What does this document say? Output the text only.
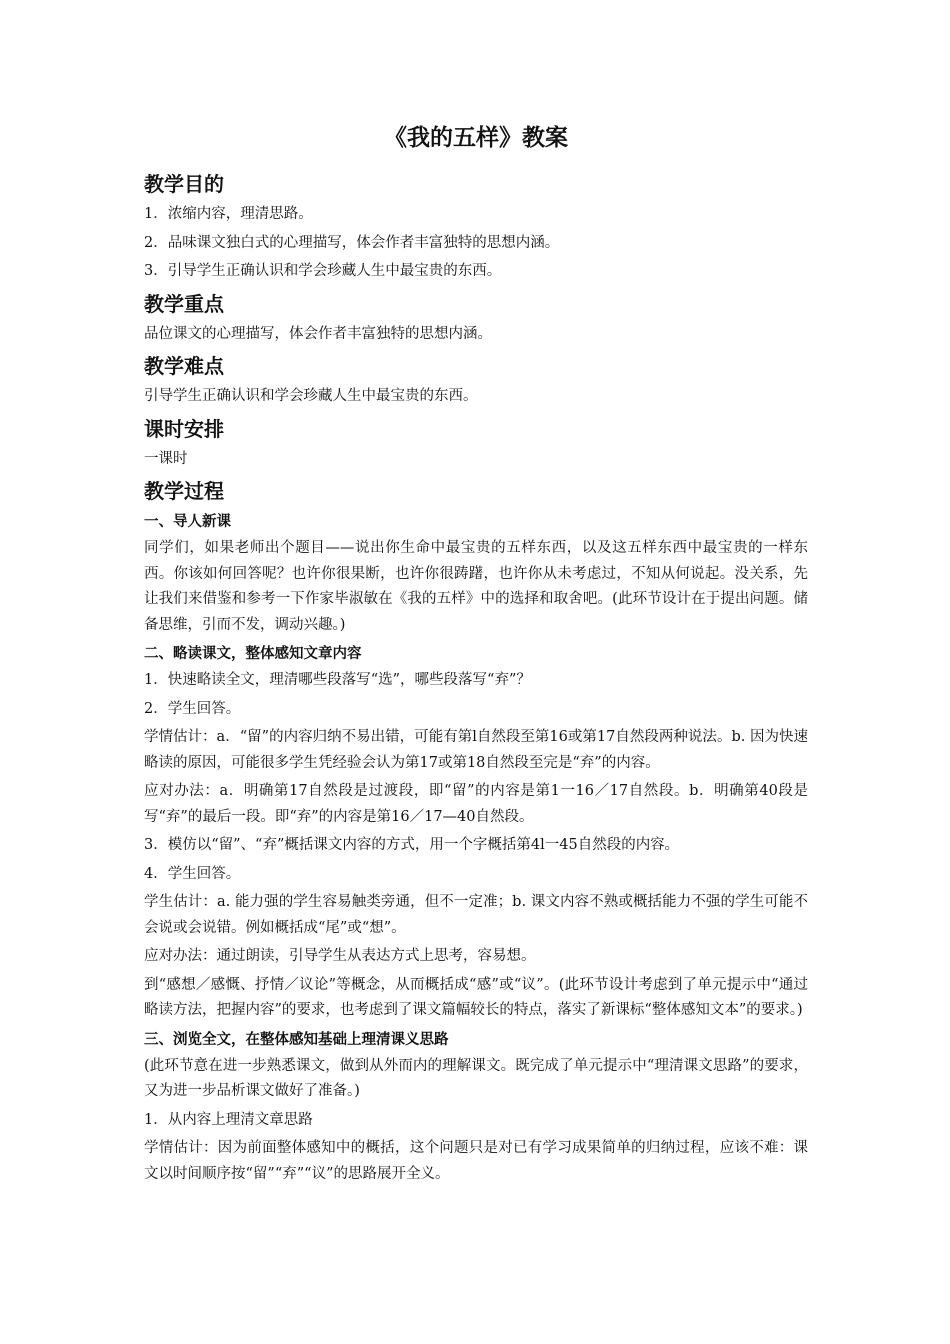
《我的五样》教案
教学目的
1．浓缩内容，理清思路。
2．品味课文独白式的心理描写，体会作者丰富独特的思想内涵。
3．引导学生正确认识和学会珍藏人生中最宝贵的东西。
教学重点
品位课文的心理描写，体会作者丰富独特的思想内涵。
教学难点
引导学生正确认识和学会珍藏人生中最宝贵的东西。
课时安排
一课时
教学过程
一、导人新课
同学们，如果老师出个题目——说出你生命中最宝贵的五样东西，以及这五样东西中最宝贵的一样东西。你该如何回答呢？也许你很果断，也许你很踌躇，也许你从未考虑过，不知从何说起。没关系，先让我们来借鉴和参考一下作家毕淑敏在《我的五样》中的选择和取舍吧。(此环节设计在于提出问题。储备思维，引而不发，调动兴趣。)
二、略读课文，整体感知文章内容
1．快速略读全文，理清哪些段落写“选”，哪些段落写“弃”？
2．学生回答。
学情估计：a．“留”的内容归纳不易出错，可能有第l自然段至第16或第17自然段两种说法。b. 因为快速略读的原因，可能很多学生凭经验会认为第17或第18自然段至完是“弃”的内容。
应对办法：a．明确第17自然段是过渡段，即“留”的内容是第1一16／17自然段。b．明确第40段是写“弃”的最后一段。即“弃”的内容是第16／17—40自然段。
3．模仿以“留”、“弃”概括课文内容的方式，用一个字概括第4l一45自然段的内容。
4．学生回答。
学生估计：a. 能力强的学生容易触类旁通，但不一定准；b. 课文内容不熟或概括能力不强的学生可能不会说或会说错。例如概括成“尾”或“想”。
应对办法：通过朗读，引导学生从表达方式上思考，容易想。
到“感想／感慨、抒情／议论”等概念，从而概括成“感”或“议”。(此环节设计考虑到了单元提示中“通过略读方法，把握内容”的要求，也考虑到了课文篇幅较长的特点，落实了新课标“整体感知文本”的要求。)
三、浏览全文，在整体感知基础上理清课义思路
(此环节意在进一步熟悉课文，做到从外而内的理解课文。既完成了单元提示中“理清课文思路”的要求，又为进一步品析课文做好了准备。)
1．从内容上理清文章思路
学情估计：因为前面整体感知中的概括，这个问题只是对已有学习成果简单的归纳过程，应该不难：课文以时间顺序按“留”“弃”“议”的思路展开全义。
